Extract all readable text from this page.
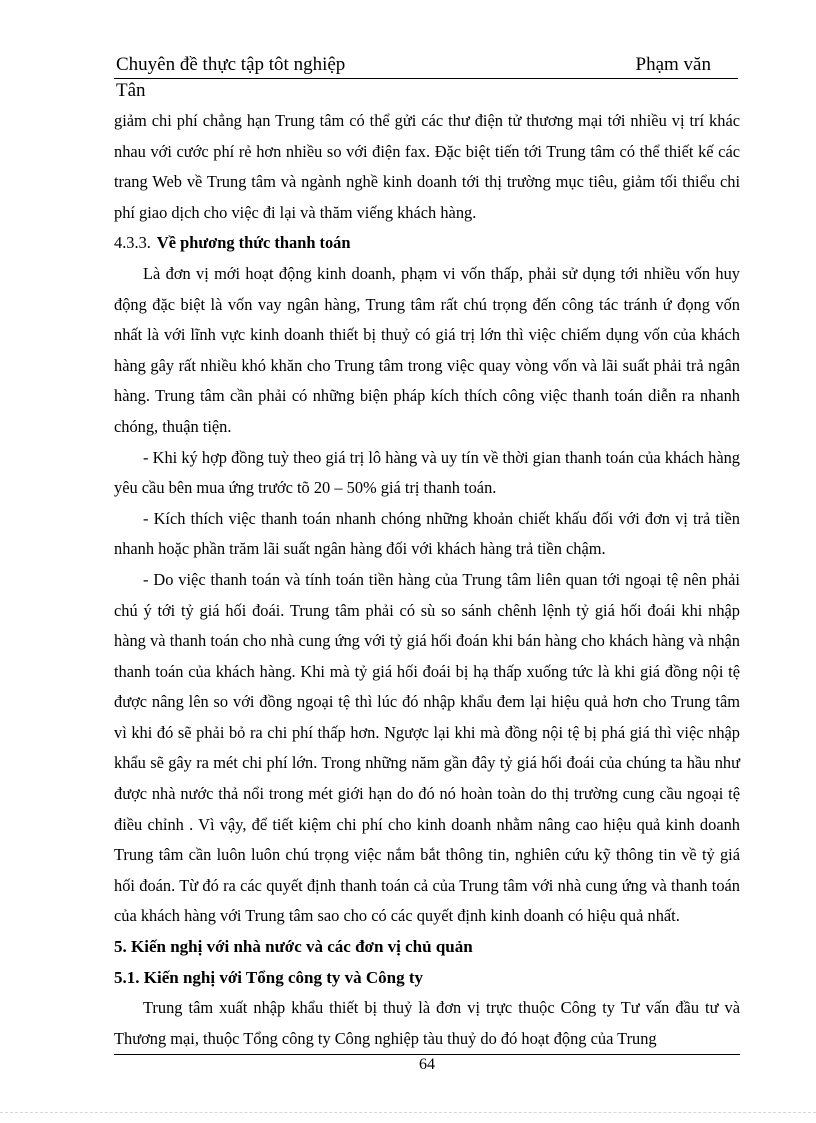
Chuyên đề thực tập tôt nghiệp	Phạm văn
Tân

giảm chi phí chẳng hạn Trung tâm có thể gửi các thư điện tử thương mại tới nhiều vị trí khác nhau với cước phí rẻ hơn nhiều so với điện fax. Đặc biệt tiến tới Trung tâm có thể thiết kế các trang Web về Trung tâm và ngành nghề kinh doanh tới thị trường mục tiêu, giảm tối thiểu chi phí giao dịch cho việc đi lại và thăm viếng khách hàng.

4.3.3. Về phương thức thanh toán

Là đơn vị mới hoạt động kinh doanh, phạm vi vốn thấp, phải sử dụng tới nhiều vốn huy động đặc biệt là vốn vay ngân hàng, Trung tâm rất chú trọng đến công tác tránh ứ đọng vốn nhất là với lĩnh vực kinh doanh thiết bị thuỷ có giá trị lớn thì việc chiếm dụng vốn của khách hàng gây rất nhiều khó khăn cho Trung tâm trong việc quay vòng vốn và lãi suất phải trả ngân hàng. Trung tâm cần phải có những biện pháp kích thích công việc thanh toán diễn ra nhanh chóng, thuận tiện.

- Khi ký hợp đồng tuỳ theo giá trị lô hàng và uy tín về thời gian thanh toán của khách hàng yêu cầu bên mua ứng trước tõ 20 – 50% giá trị thanh toán.

- Kích thích việc thanh toán nhanh chóng những khoản chiết khấu đối với đơn vị trả tiền nhanh hoặc phần trăm lãi suất ngân hàng đối với khách hàng trả tiền chậm.

- Do việc thanh toán và tính toán tiền hàng của Trung tâm liên quan tới ngoại tệ nên phải chú ý tới tỷ giá hối đoái. Trung tâm phải có sù so sánh chênh lệnh tỷ giá hối đoái khi nhập hàng và thanh toán cho nhà cung ứng với tỷ giá hối đoán khi bán hàng cho khách hàng và nhận thanh toán của khách hàng. Khi mà tỷ giá hối đoái bị hạ thấp xuống tức là khi giá đồng nội tệ được nâng lên so với đồng ngoại tệ thì lúc đó nhập khẩu đem lại hiệu quả hơn cho Trung tâm vì khi đó sẽ phải bỏ ra chi phí thấp hơn. Ngược lại khi mà đồng nội tệ bị phá giá thì việc nhập khẩu sẽ gây ra mét chi phí lớn. Trong những năm gần đây tỷ giá hối đoái của chúng ta hầu như được nhà nước thả nổi trong mét giới hạn do đó nó hoàn toàn do thị trường cung cầu ngoại tệ điều chỉnh . Vì vậy, để tiết kiệm chi phí cho kinh doanh nhằm nâng cao hiệu quả kinh doanh Trung tâm cần luôn luôn chú trọng việc nắm bắt thông tin, nghiên cứu kỹ thông tin về tỷ giá hối đoán. Từ đó ra các quyết định thanh toán cả của Trung tâm với nhà cung ứng và thanh toán của khách hàng với Trung tâm sao cho có các quyết định kinh doanh có hiệu quả nhất.

5. Kiến nghị với nhà nước và các đơn vị chủ quản
5.1. Kiến nghị với Tổng công ty và Công ty

Trung tâm xuất nhập khẩu thiết bị thuỷ là đơn vị trực thuộc Công ty Tư vấn đầu tư và Thương mại, thuộc Tổng công ty Công nghiệp tàu thuỷ do đó hoạt động của Trung

64
